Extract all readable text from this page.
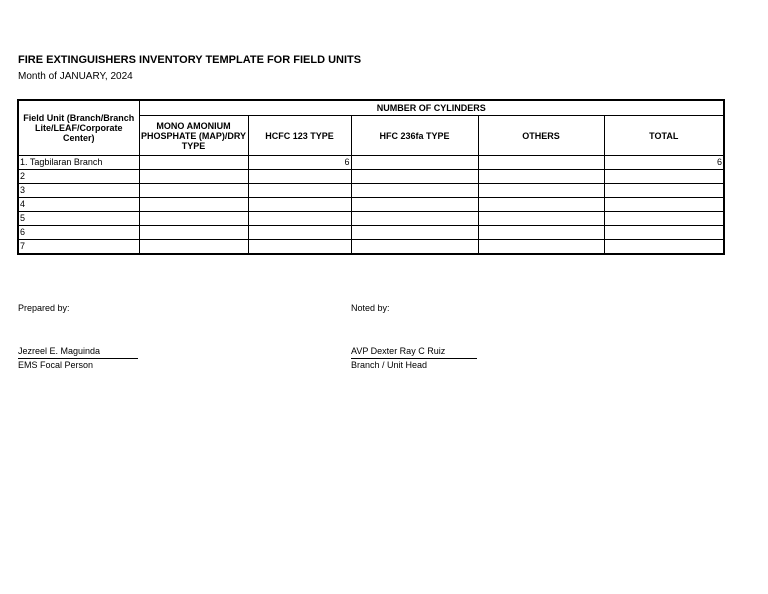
FIRE EXTINGUISHERS INVENTORY TEMPLATE FOR FIELD UNITS
Month of JANUARY, 2024
Field Unit (Branch/Branch Lite/LEAF/Corporate Center)	NUMBER OF CYLINDERS				
	MONO AMONIUM PHOSPHATE (MAP)/DRY TYPE	HCFC 123 TYPE	HFC 236fa TYPE	OTHERS	TOTAL
1. Tagbilaran Branch		6			6
2					
3					
4					
5					
6					
7					
Prepared by:
Jezreel E. Maguinda
EMS Focal Person
Noted by:
AVP Dexter Ray C Ruiz
Branch / Unit Head
